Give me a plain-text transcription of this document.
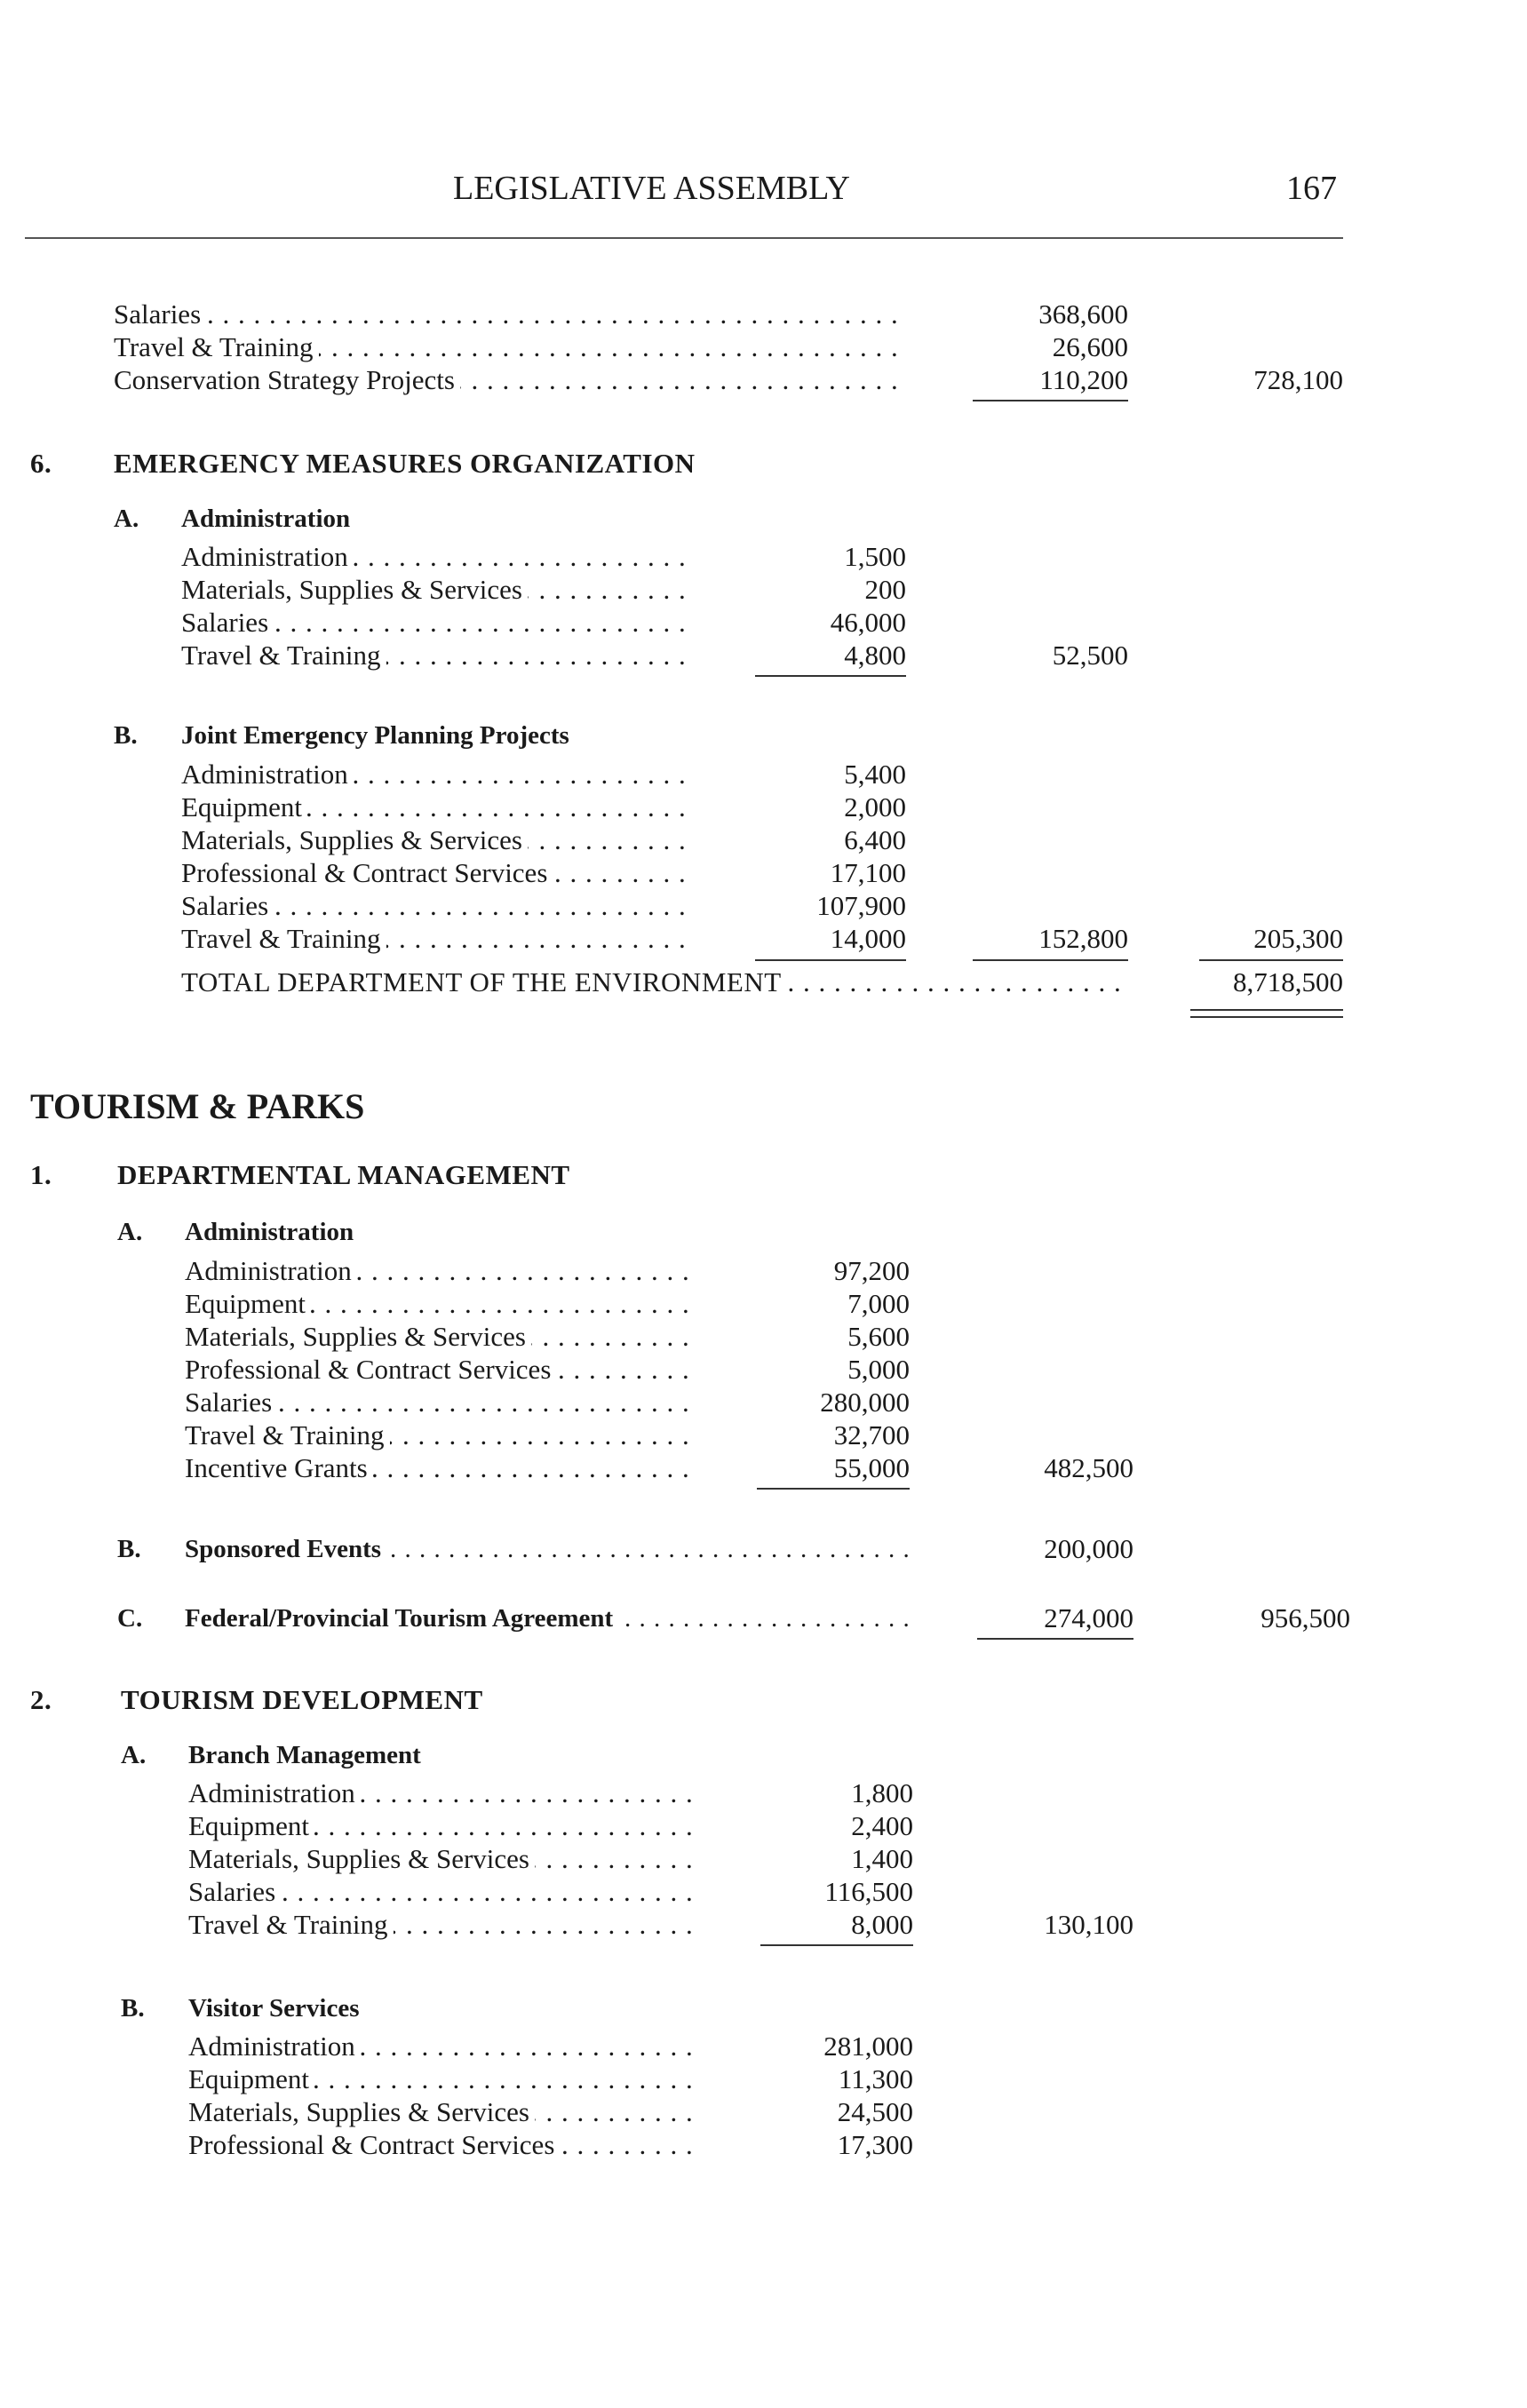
LEGISLATIVE ASSEMBLY	167
Salaries . . .	368,600
Travel & Training . . .	26,600
Conservation Strategy Projects . . .	110,200	728,100
6. EMERGENCY MEASURES ORGANIZATION
A. Administration
Administration . . .	1,500
Materials, Supplies & Services . . .	200
Salaries . . .	46,000
Travel & Training . . .	4,800	52,500
B. Joint Emergency Planning Projects
Administration . . .	5,400
Equipment . . .	2,000
Materials, Supplies & Services . . .	6,400
Professional & Contract Services . . .	17,100
Salaries . . .	107,900
Travel & Training . . .	14,000	152,800	205,300
TOTAL DEPARTMENT OF THE ENVIRONMENT . . .	8,718,500
TOURISM & PARKS
1. DEPARTMENTAL MANAGEMENT
A. Administration
Administration . . .	97,200
Equipment . . .	7,000
Materials, Supplies & Services . . .	5,600
Professional & Contract Services . . .	5,000
Salaries . . .	280,000
Travel & Training . . .	32,700
Incentive Grants . . .	55,000	482,500
B. Sponsored Events . . .	200,000
C. Federal/Provincial Tourism Agreement . . .	274,000	956,500
2.	TOURISM DEVELOPMENT
A. Branch Management
Administration . . .	1,800
Equipment . . .	2,400
Materials, Supplies & Services . . .	1,400
Salaries . . .	116,500
Travel & Training . . .	8,000	130,100
B. Visitor Services
Administration . . .	281,000
Equipment . . .	11,300
Materials, Supplies & Services . . .	24,500
Professional & Contract Services . . .	17,300
